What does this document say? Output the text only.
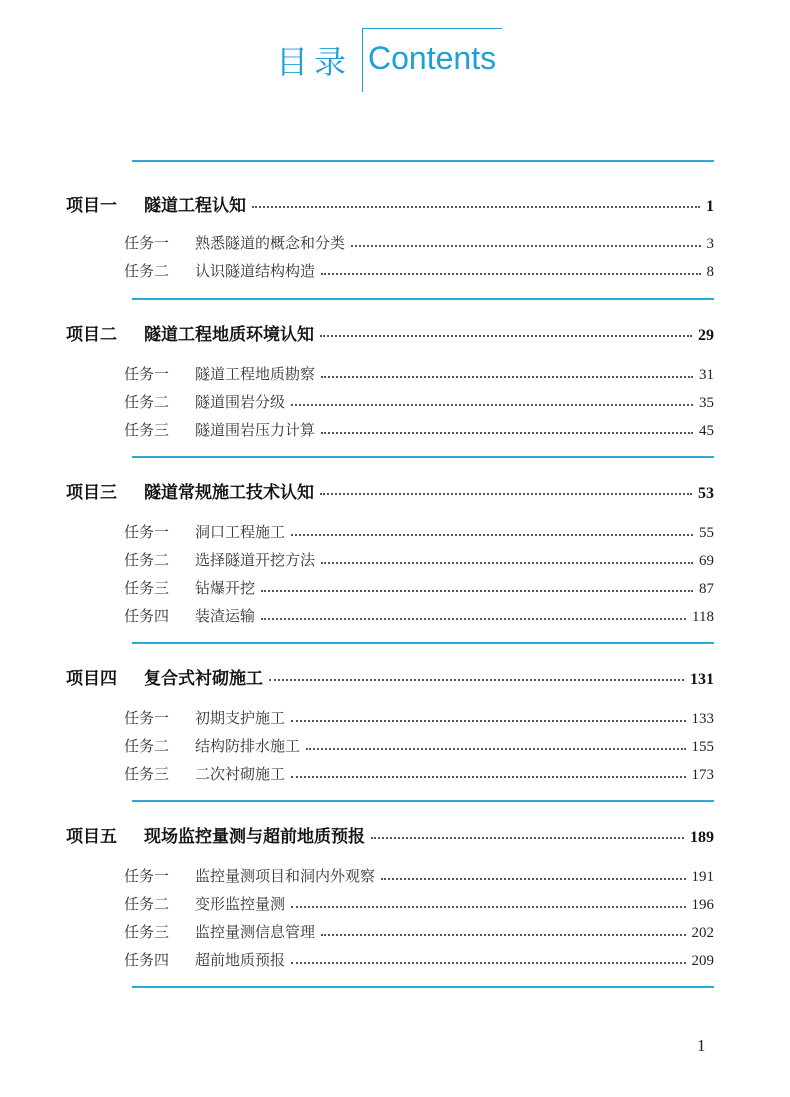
目录 Contents
项目一	隧道工程认知	1
任务一	熟悉隧道的概念和分类	3
任务二	认识隧道结构构造	8
项目二	隧道工程地质环境认知	29
任务一	隧道工程地质勘察	31
任务二	隧道围岩分级	35
任务三	隧道围岩压力计算	45
项目三	隧道常规施工技术认知	53
任务一	洞口工程施工	55
任务二	选择隧道开挖方法	69
任务三	钻爆开挖	87
任务四	装渣运输	118
项目四	复合式衬砌施工	131
任务一	初期支护施工	133
任务二	结构防排水施工	155
任务三	二次衬砌施工	173
项目五	现场监控量测与超前地质预报	189
任务一	监控量测项目和洞内外观察	191
任务二	变形监控量测	196
任务三	监控量测信息管理	202
任务四	超前地质预报	209
1
